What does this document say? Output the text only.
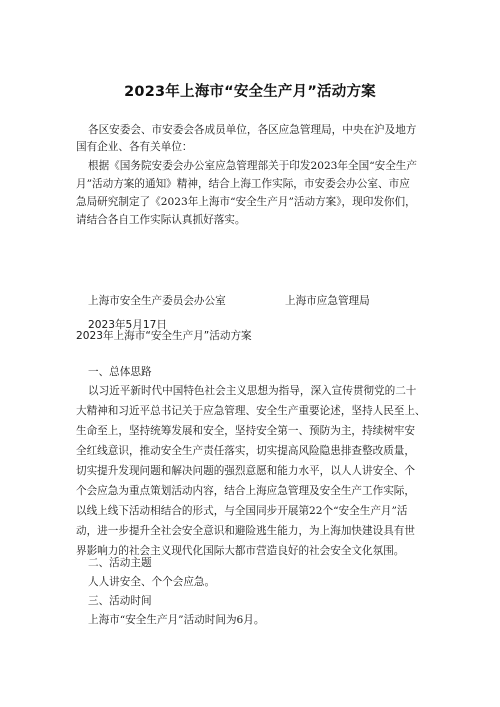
2023年上海市“安全生产月”活动方案
各区安委会、市安委会各成员单位，各区应急管理局，中央在沪及地方
国有企业、各有关单位：
根据《国务院安委会办公室应急管理部关于印发2023年全国“安全生产
月”活动方案的通知》精神，结合上海工作实际，市安委会办公室、市应
急局研究制定了《2023年上海市“安全生产月”活动方案》，现印发你们，
请结合各自工作实际认真抓好落实。
上海市安全生产委员会办公室	上海市应急管理局
2023年5月17日
2023年上海市“安全生产月”活动方案
一、总体思路
以习近平新时代中国特色社会主义思想为指导，深入宣传贯彻党的二十
大精神和习近平总书记关于应急管理、安全生产重要论述，坚持人民至上、
生命至上，坚持统筹发展和安全，坚持安全第一、预防为主，持续树牢安
全红线意识，推动安全生产责任落实，切实提高风险隐患排查整改质量，
切实提升发现问题和解决问题的强烈意愿和能力水平，以人人讲安全、个
个会应急为重点策划活动内容，结合上海应急管理及安全生产工作实际，
以线上线下活动相结合的形式，与全国同步开展第22个“安全生产月”活
动，进一步提升全社会安全意识和避险逃生能力，为上海加快建设具有世
界影响力的社会主义现代化国际大都市营造良好的社会安全文化氛围。
二、活动主题
人人讲安全、个个会应急。
三、活动时间
上海市“安全生产月”活动时间为6月。
